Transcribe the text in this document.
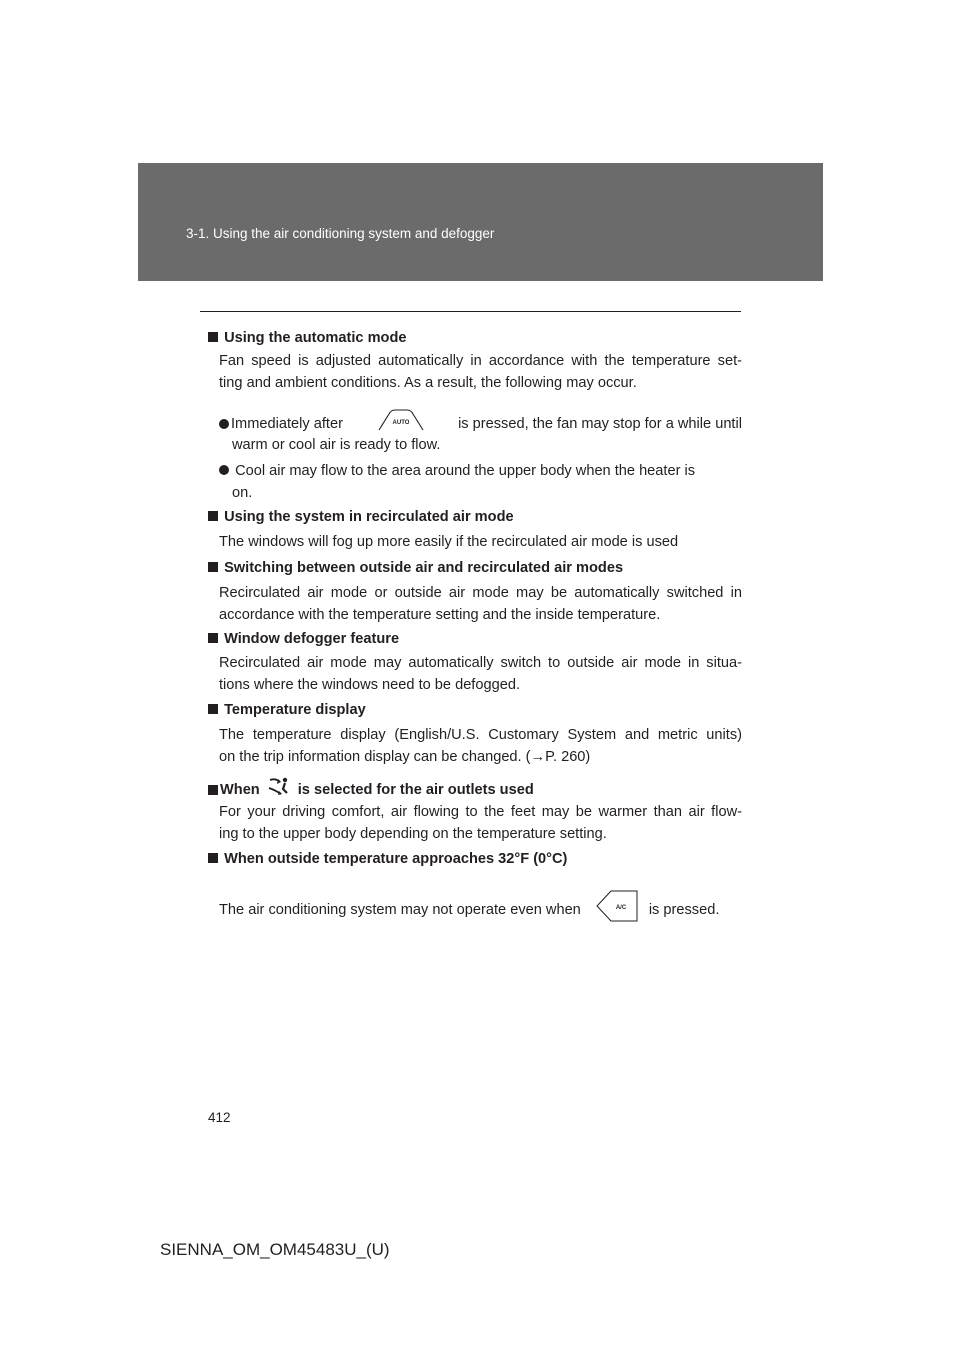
3-1. Using the air conditioning system and defogger
Using the automatic mode
Fan speed is adjusted automatically in accordance with the temperature set-
ting and ambient conditions. As a result, the following may occur.
Immediately after	AUTO	is pressed, the fan may stop for a while until
warm or cool air is ready to flow.
Cool air may flow to the area around the upper body when the heater is
on.
Using the system in recirculated air mode
The windows will fog up more easily if the recirculated air mode is used
Switching between outside air and recirculated air modes
Recirculated air mode or outside air mode may be automatically switched in
accordance with the temperature setting and the inside temperature.
Window defogger feature
Recirculated air mode may automatically switch to outside air mode in situa-
tions where the windows need to be defogged.
Temperature display
The temperature display (English/U.S. Customary System and metric units)
on the trip information display can be changed. (→P. 260)
When	is selected for the air outlets used
For your driving comfort, air flowing to the feet may be warmer than air flow-
ing to the upper body depending on the temperature setting.
When outside temperature approaches 32°F (0°C)
The air conditioning system may not operate even when	A/C is pressed.
412
SIENNA_OM_OM45483U_(U)
